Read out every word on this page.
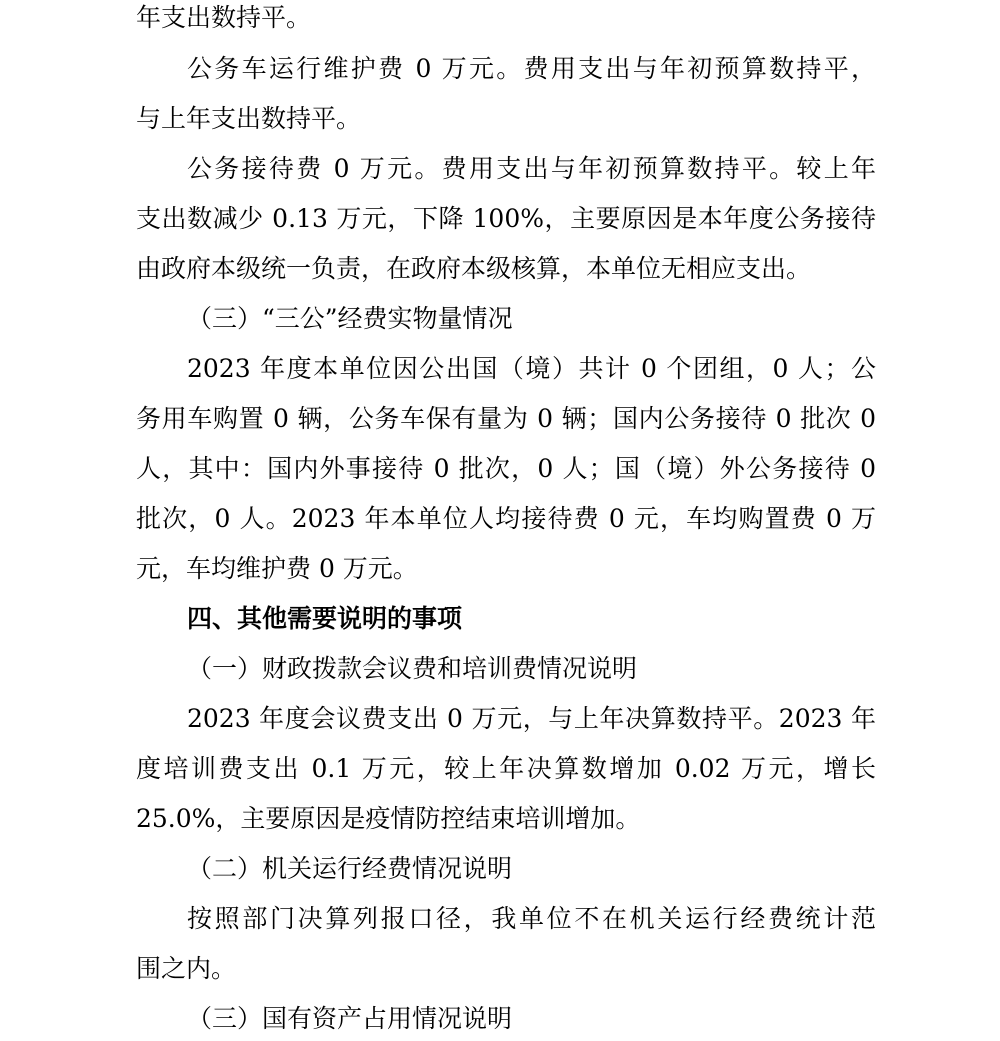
年支出数持平。
公务车运行维护费 0 万元。费用支出与年初预算数持平，
与上年支出数持平。
公务接待费 0 万元。费用支出与年初预算数持平。较上年
支出数减少 0.13 万元，下降 100%，主要原因是本年度公务接待
由政府本级统一负责，在政府本级核算，本单位无相应支出。
（三）“三公”经费实物量情况
2023 年度本单位因公出国（境）共计 0 个团组，0 人；公
务用车购置 0 辆，公务车保有量为 0 辆；国内公务接待 0 批次 0
人，其中：国内外事接待 0 批次，0 人；国（境）外公务接待 0
批次，0 人。2023 年本单位人均接待费 0 元，车均购置费 0 万
元，车均维护费 0 万元。
四、其他需要说明的事项
（一）财政拨款会议费和培训费情况说明
2023 年度会议费支出 0 万元，与上年决算数持平。2023 年
度培训费支出 0.1 万元，较上年决算数增加 0.02 万元，增长
25.0%，主要原因是疫情防控结束培训增加。
（二）机关运行经费情况说明
按照部门决算列报口径，我单位不在机关运行经费统计范
围之内。
（三）国有资产占用情况说明
